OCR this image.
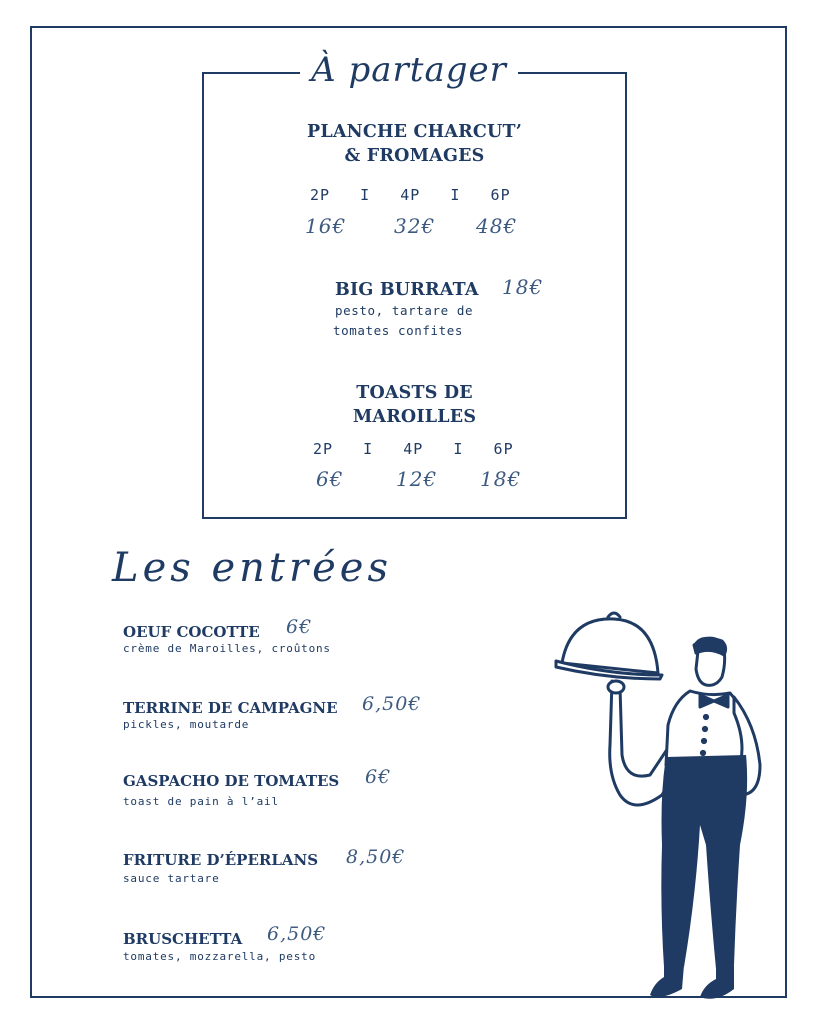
À partager
PLANCHE CHARCUT’
& FROMAGES
2P   I   4P   I   6P
16€ 32€ 48€
BIG BURRATA 18€
pesto, tartare de
tomates confites
TOASTS DE
MAROILLES
2P   I   4P   I   6P
6€	12€ 18€
Les entrées
OEUF COCOTTE 6€
crème de Maroilles, croûtons
TERRINE DE CAMPAGNE 6,50€
pickles, moutarde
GASPACHO DE TOMATES 6€
toast de pain à l’ail
FRITURE D’ÉPERLANS 8,50€
sauce tartare
BRUSCHETTA 6,50€
tomates, mozzarella, pesto
